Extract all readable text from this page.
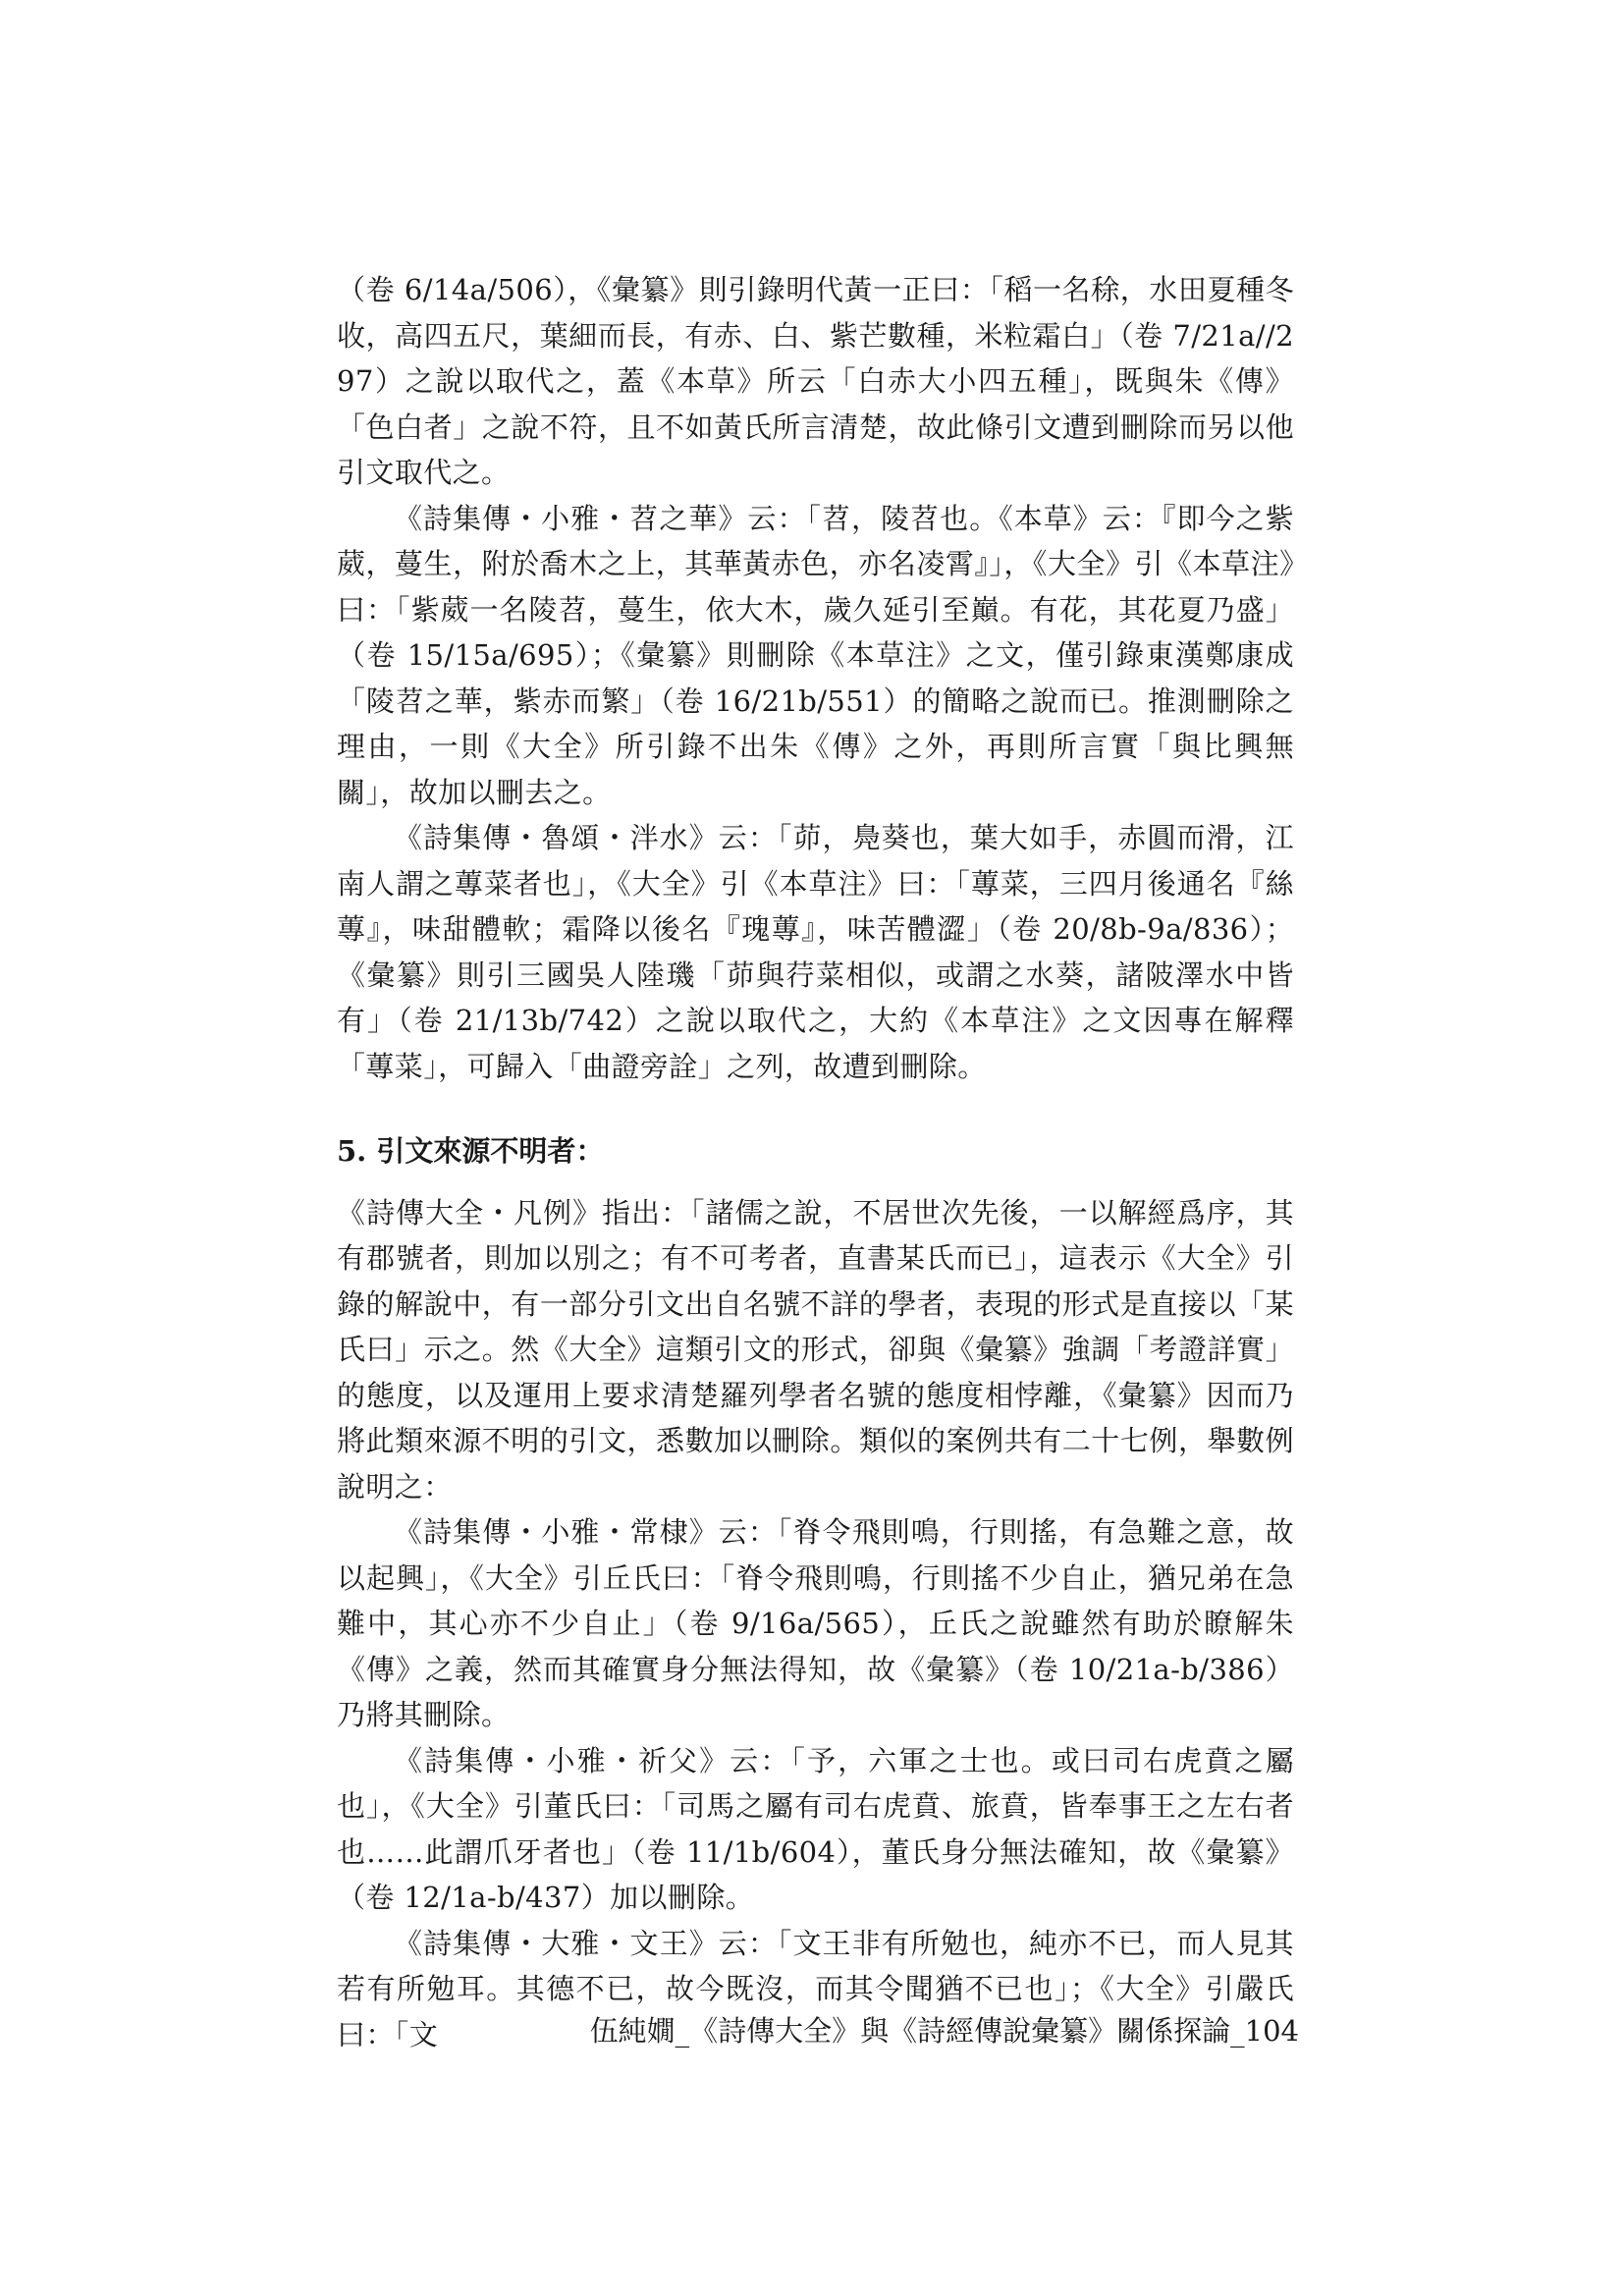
（卷 6/14a/506），《彙纂》則引錄明代黃一正曰：「稻一名稌，水田夏種冬收，高四五尺，葉細而長，有赤、白、紫芒數種，米粒霜白」（卷 7/21a//297）之說以取代之，蓋《本草》所云「白赤大小四五種」，既與朱《傳》「色白者」之說不符，且不如黃氏所言清楚，故此條引文遭到刪除而另以他引文取代之。

《詩集傳・小雅・苕之華》云：「苕，陵苕也。《本草》云：『即今之紫葳，蔓生，附於喬木之上，其華黃赤色，亦名凌霄』」，《大全》引《本草注》曰：「紫葳一名陵苕，蔓生，依大木，歲久延引至巔。有花，其花夏乃盛」（卷 15/15a/695）；《彙纂》則刪除《本草注》之文，僅引錄東漢鄭康成「陵苕之華，紫赤而繁」（卷 16/21b/551）的簡略之說而已。推測刪除之理由，一則《大全》所引錄不出朱《傳》之外，再則所言實「與比興無關」，故加以刪去之。

《詩集傳・魯頌・泮水》云：「茆，鳧葵也，葉大如手，赤圓而滑，江南人謂之蓴菜者也」，《大全》引《本草注》曰：「蓴菜，三四月後通名『絲蓴』，味甜體軟；霜降以後名『瑰蓴』，味苦體澀」（卷 20/8b-9a/836）；《彙纂》則引三國吳人陸璣「茆與荇菜相似，或謂之水葵，諸陂澤水中皆有」（卷 21/13b/742）之說以取代之，大約《本草注》之文因專在解釋「蓴菜」，可歸入「曲證旁詮」之列，故遭到刪除。

5. 引文來源不明者：

《詩傳大全・凡例》指出：「諸儒之說，不居世次先後，一以解經爲序，其有郡號者，則加以別之；有不可考者，直書某氏而已」，這表示《大全》引錄的解說中，有一部分引文出自名號不詳的學者，表現的形式是直接以「某氏曰」示之。然《大全》這類引文的形式，卻與《彙纂》強調「考證詳實」的態度，以及運用上要求清楚羅列學者名號的態度相悖離，《彙纂》因而乃將此類來源不明的引文，悉數加以刪除。類似的案例共有二十七例，舉數例說明之：

《詩集傳・小雅・常棣》云：「脊令飛則鳴，行則搖，有急難之意，故以起興」，《大全》引丘氏曰：「脊令飛則鳴，行則搖不少自止，猶兄弟在急難中，其心亦不少自止」（卷 9/16a/565），丘氏之說雖然有助於瞭解朱《傳》之義，然而其確實身分無法得知，故《彙纂》（卷 10/21a-b/386）乃將其刪除。

《詩集傳・小雅・祈父》云：「予，六軍之士也。或曰司右虎賁之屬也」，《大全》引董氏曰：「司馬之屬有司右虎賁、旅賁，皆奉事王之左右者也……此謂爪牙者也」（卷 11/1b/604），董氏身分無法確知，故《彙纂》（卷 12/1a-b/437）加以刪除。

《詩集傳・大雅・文王》云：「文王非有所勉也，純亦不已，而人見其若有所勉耳。其德不已，故今既沒，而其令聞猶不已也」；《大全》引嚴氏曰：「文	伍純嫺_《詩傳大全》與《詩經傳說彙纂》關係探論_104
